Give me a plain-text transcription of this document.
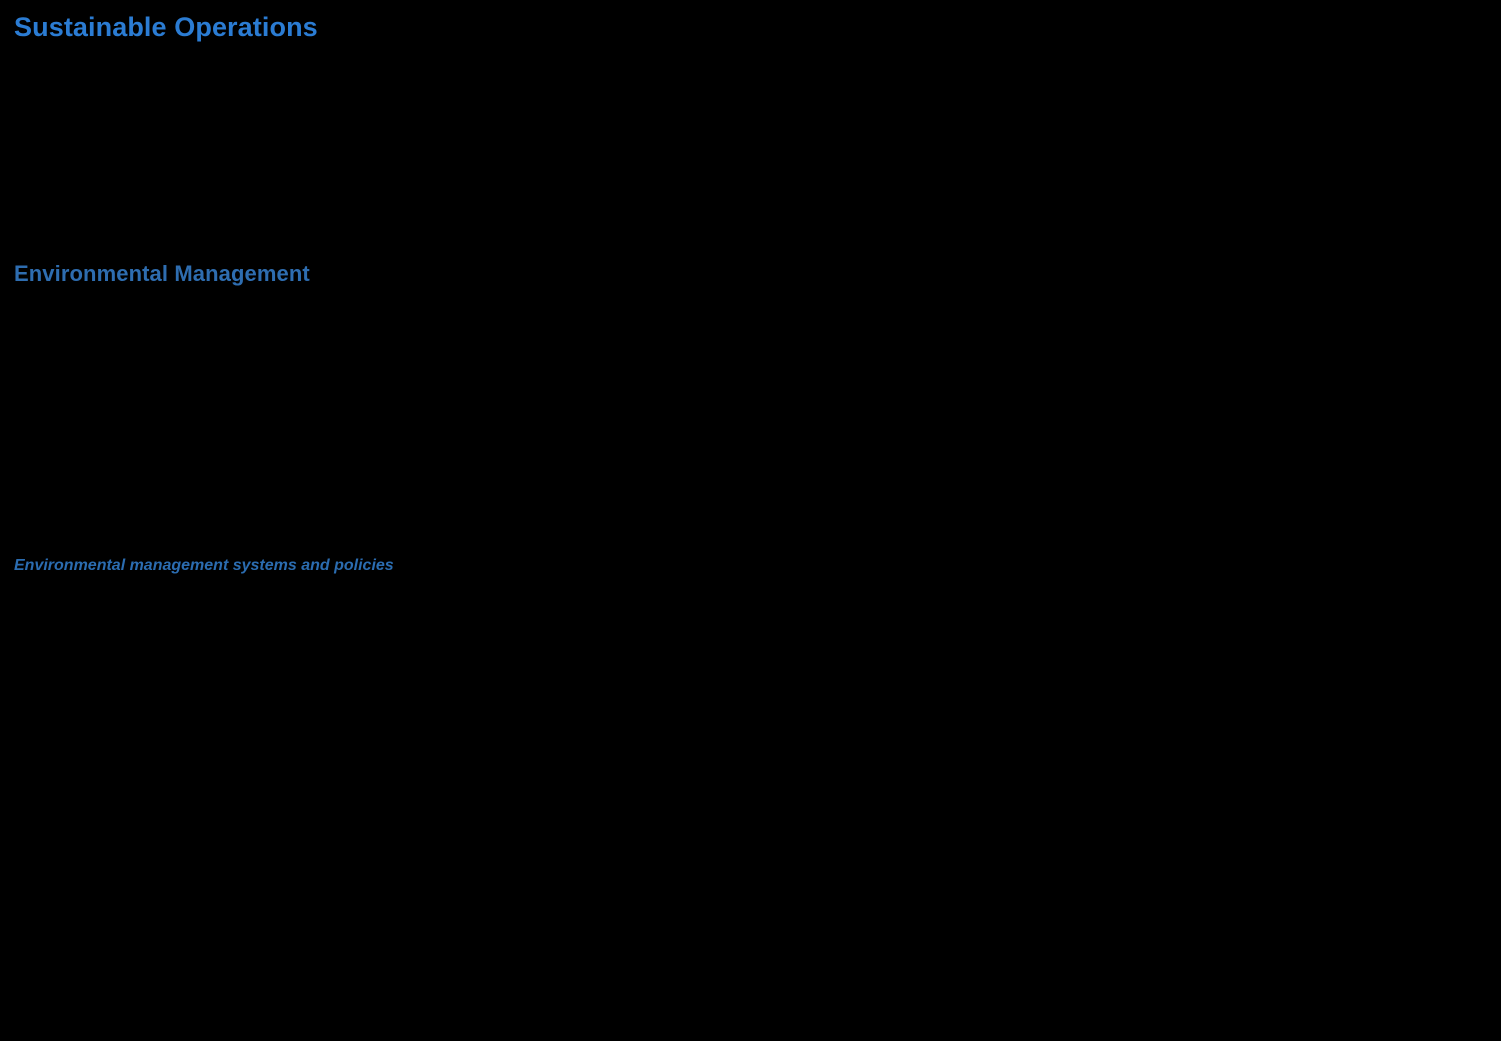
Sustainable Operations
Environmental Management
Environmental management systems and policies
